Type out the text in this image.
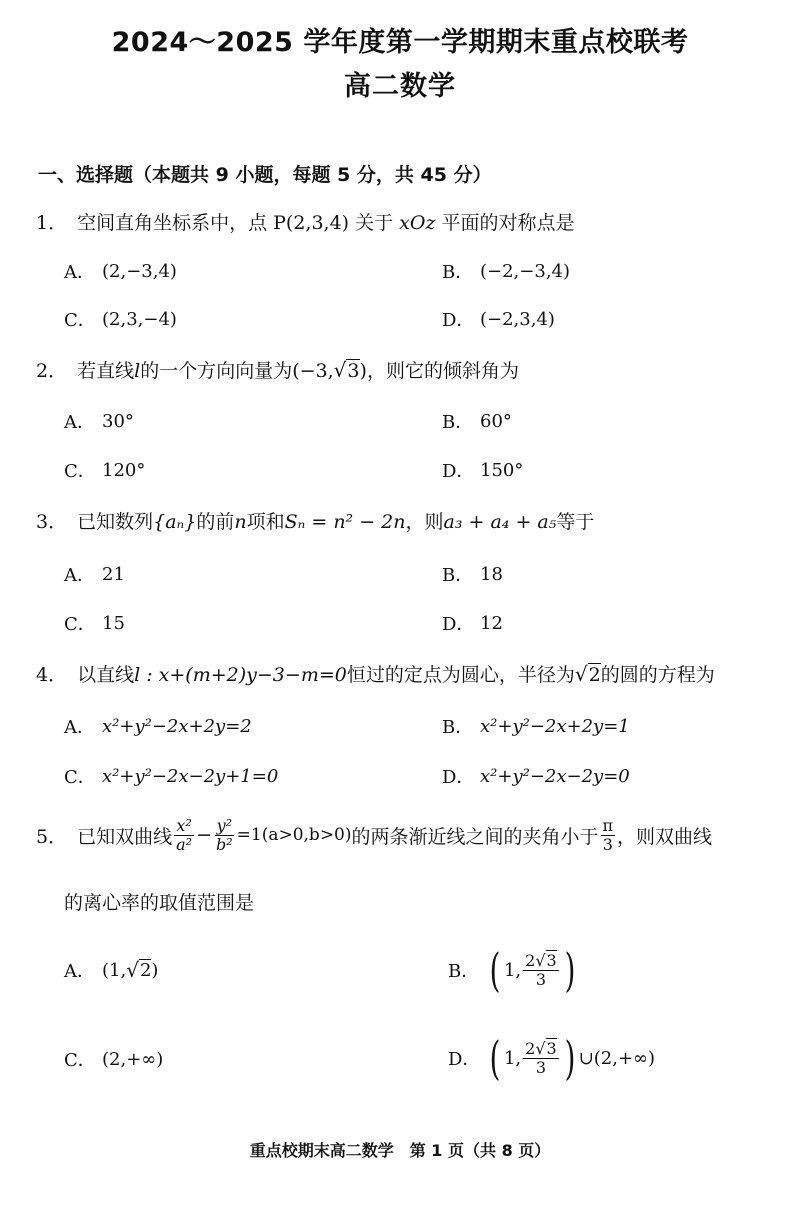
2024～2025 学年度第一学期期末重点校联考
高二数学
一、选择题（本题共 9 小题，每题 5 分，共 45 分）
1． 空间直角坐标系中，点 P(2,3,4) 关于 xOz 平面的对称点是
A． (2,−3,4)	B． (−2,−3,4)
C． (2,3,−4)	D． (−2,3,4)
2． 若直线l的一个方向向量为(−3,√3)，则它的倾斜角为
A． 30°	B． 60°
C． 120°	D． 150°
3． 已知数列{aₙ}的前n项和Sₙ = n² − 2n，则a₃ + a₄ + a₅等于
A． 21	B． 18
C． 15	D． 12
4． 以直线l : x+(m+2)y−3−m=0恒过的定点为圆心，半径为√2的圆的方程为
A． x²+y²−2x+2y=2	B． x²+y²−2x+2y=1
C． x²+y²−2x−2y+1=0	D． x²+y²−2x−2y=0
5． 已知双曲线 $\frac{\text{x²}}{\text{a²}} - \frac{\text{y²}}{\text{b²}} =1(a>0,b>0)$ 的两条渐近线之间的夹角小于 $\frac{\pi}{3}$ ，则双曲线
的离心率的取值范围是
A． (1, √ 2 )	B． ( 1, $\frac{2√3}{3}$ )
C． (2,+∞)	D． ( 1, $\frac{2√3}{3}$ ) ∪(2,+∞)
重点校期末高二数学　第 1 页（共 8 页）
